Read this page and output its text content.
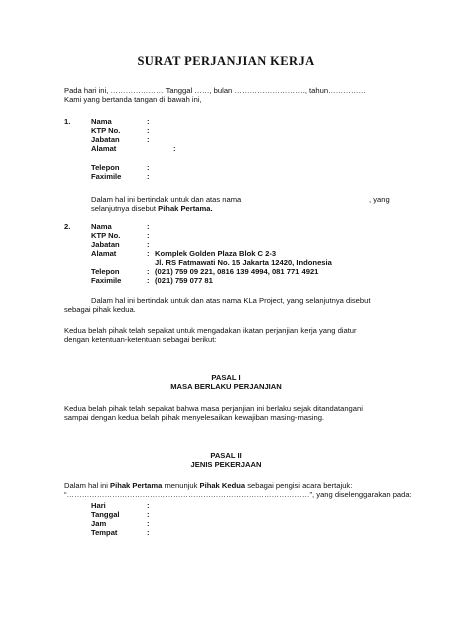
SURAT PERJANJIAN KERJA
Pada hari ini, ………………… Tanggal ……, bulan ………………………., tahun……………
Kami yang bertanda tangan di bawah ini,
1.	Nama	:
KTP No.	:
Jabatan	:
Alamat	:
Telepon	:
Faximile	:
Dalam hal ini bertindak untuk dan atas nama	, yang
selanjutnya disebut Pihak Pertama.
2.	Nama	:
KTP No.	:
Jabatan	:
Alamat	: Komplek Golden Plaza Blok C 2-3
Jl. RS Fatmawati No. 15 Jakarta 12420, Indonesia
Telepon	: (021) 759 09 221, 0816 139 4994, 081 771 4921
Faximile	: (021) 759 077 81
Dalam hal ini bertindak untuk dan atas nama KLa Project, yang selanjutnya disebut
sebagai pihak kedua.
Kedua belah pihak telah sepakat untuk mengadakan ikatan perjanjian kerja yang diatur
dengan ketentuan-ketentuan sebagai berikut:
PASAL I
MASA BERLAKU PERJANJIAN
Kedua belah pihak telah sepakat bahwa masa perjanjian ini berlaku sejak ditandatangani
sampai dengan kedua belah pihak menyelesaikan kewajiban masing-masing.
PASAL II
JENIS PEKERJAAN
Dalam hal ini Pihak Pertama menunjuk Pihak Kedua sebagai pengisi acara bertajuk:
“……………………………………………………………………………………”, yang diselenggarakan pada:
Hari	:
Tanggal	:
Jam	:
Tempat	:
